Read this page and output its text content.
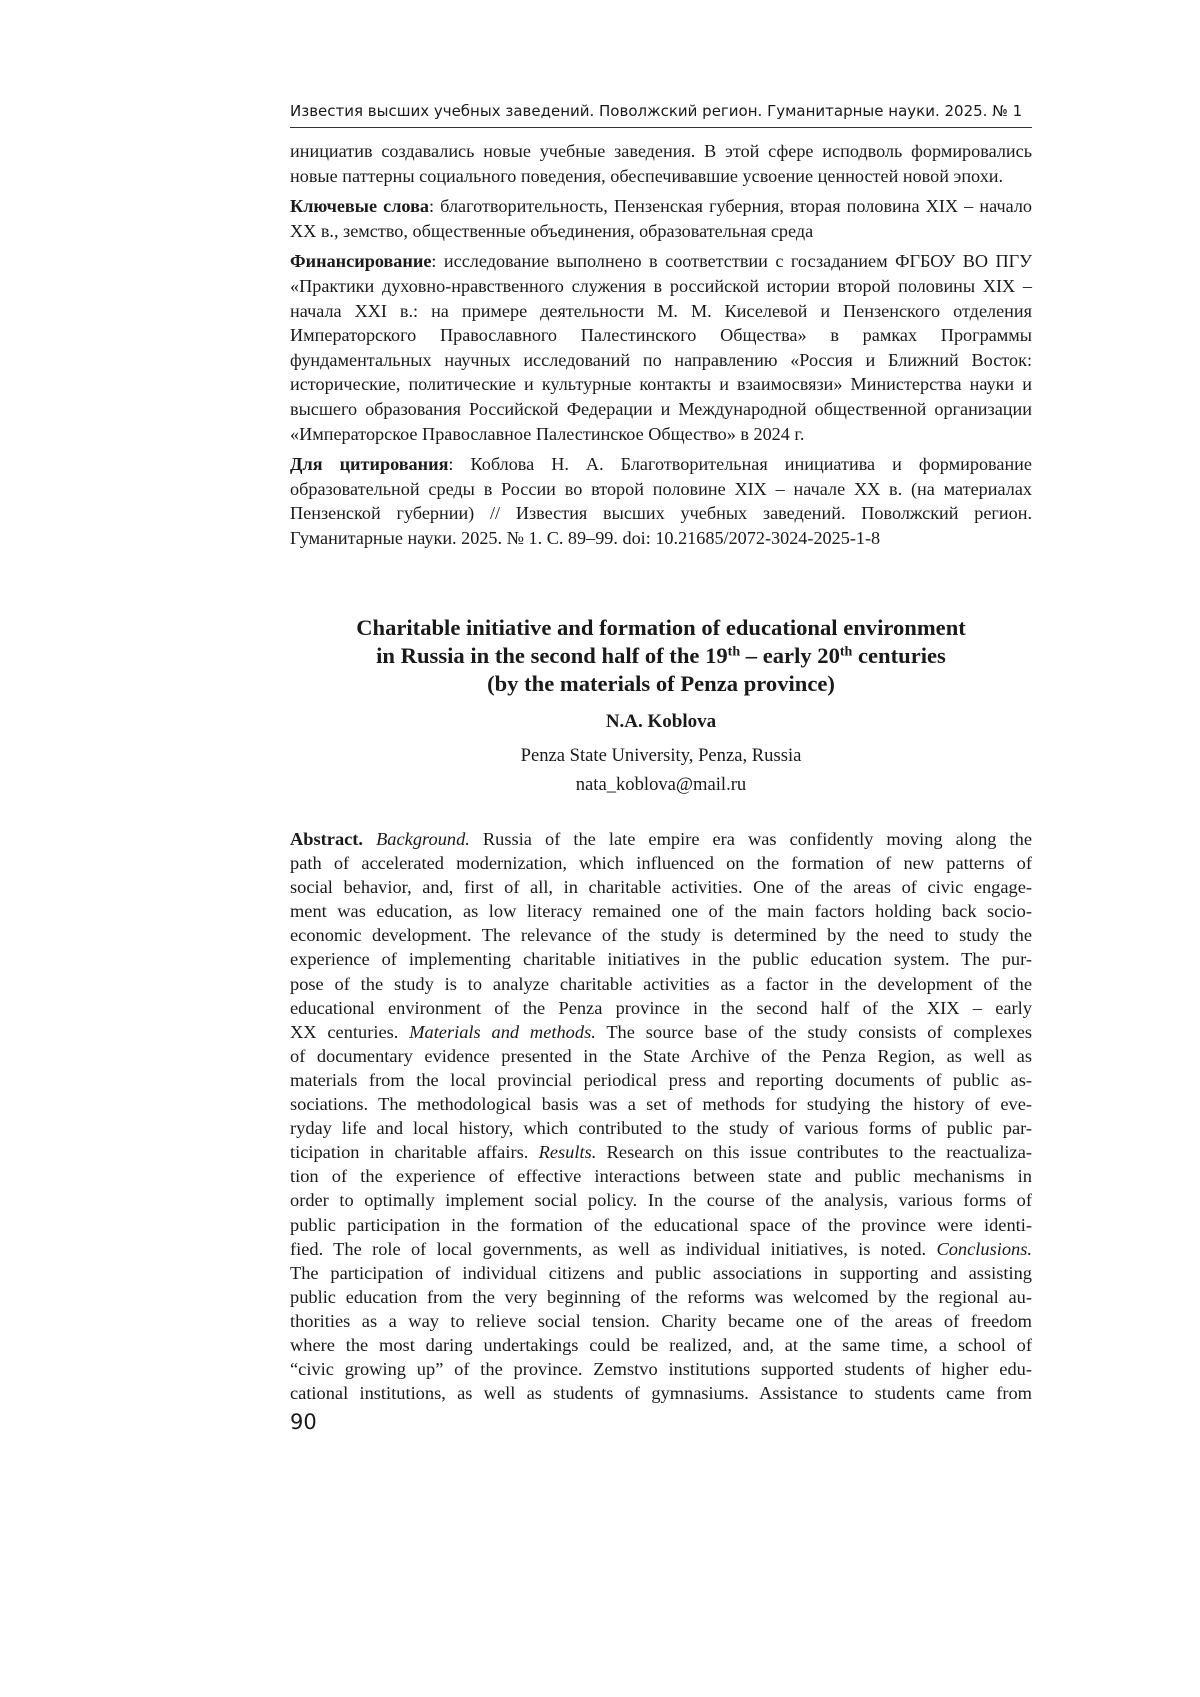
Известия высших учебных заведений. Поволжский регион. Гуманитарные науки. 2025. № 1

инициатив создавались новые учебные заведения. В этой сфере исподволь формировались новые паттерны социального поведения, обеспечивавшие усвоение ценностей новой эпохи.

Ключевые слова: благотворительность, Пензенская губерния, вторая половина XIX – начало XX в., земство, общественные объединения, образовательная среда

Финансирование: исследование выполнено в соответствии с госзаданием ФГБОУ ВО ПГУ «Практики духовно-нравственного служения в российской истории второй половины XIX – начала XXI в.: на примере деятельности М. М. Киселевой и Пензенского отделения Императорского Православного Палестинского Общества» в рамках Программы фундаментальных научных исследований по направлению «Россия и Ближний Восток: исторические, политические и культурные контакты и взаимосвязи» Министерства науки и высшего образования Российской Федерации и Международной общественной организации «Императорское Православное Палестинское Общество» в 2024 г.

Для цитирования: Коблова Н. А. Благотворительная инициатива и формирование образовательной среды в России во второй половине XIX – начале XX в. (на материалах Пензенской губернии) // Известия высших учебных заведений. Поволжский регион. Гуманитарные науки. 2025. № 1. С. 89–99. doi: 10.21685/2072-3024-2025-1-8

Charitable initiative and formation of educational environment
in Russia in the second half of the 19th – early 20th centuries
(by the materials of Penza province)
N.A. Koblova
Penza State University, Penza, Russia
nata_koblova@mail.ru

Abstract. Background. Russia of the late empire era was confidently moving along the

path of accelerated modernization, which influenced on the formation of new patterns of

social behavior, and, first of all, in charitable activities. One of the areas of civic engage-

ment was education, as low literacy remained one of the main factors holding back socio-

economic development. The relevance of the study is determined by the need to study the

experience of implementing charitable initiatives in the public education system. The pur-

pose of the study is to analyze charitable activities as a factor in the development of the

educational environment of the Penza province in the second half of the XIX – early

XX centuries. Materials and methods. The source base of the study consists of complexes

of documentary evidence presented in the State Archive of the Penza Region, as well as

materials from the local provincial periodical press and reporting documents of public as-

sociations. The methodological basis was a set of methods for studying the history of eve-

ryday life and local history, which contributed to the study of various forms of public par-

ticipation in charitable affairs. Results. Research on this issue contributes to the reactualiza-

tion of the experience of effective interactions between state and public mechanisms in

order to optimally implement social policy. In the course of the analysis, various forms of

public participation in the formation of the educational space of the province were identi-

fied. The role of local governments, as well as individual initiatives, is noted. Conclusions.

The participation of individual citizens and public associations in supporting and assisting

public education from the very beginning of the reforms was welcomed by the regional au-

thorities as a way to relieve social tension. Charity became one of the areas of freedom

where the most daring undertakings could be realized, and, at the same time, a school of

“civic growing up” of the province. Zemstvo institutions supported students of higher edu-

cational institutions, as well as students of gymnasiums. Assistance to students came from

90
